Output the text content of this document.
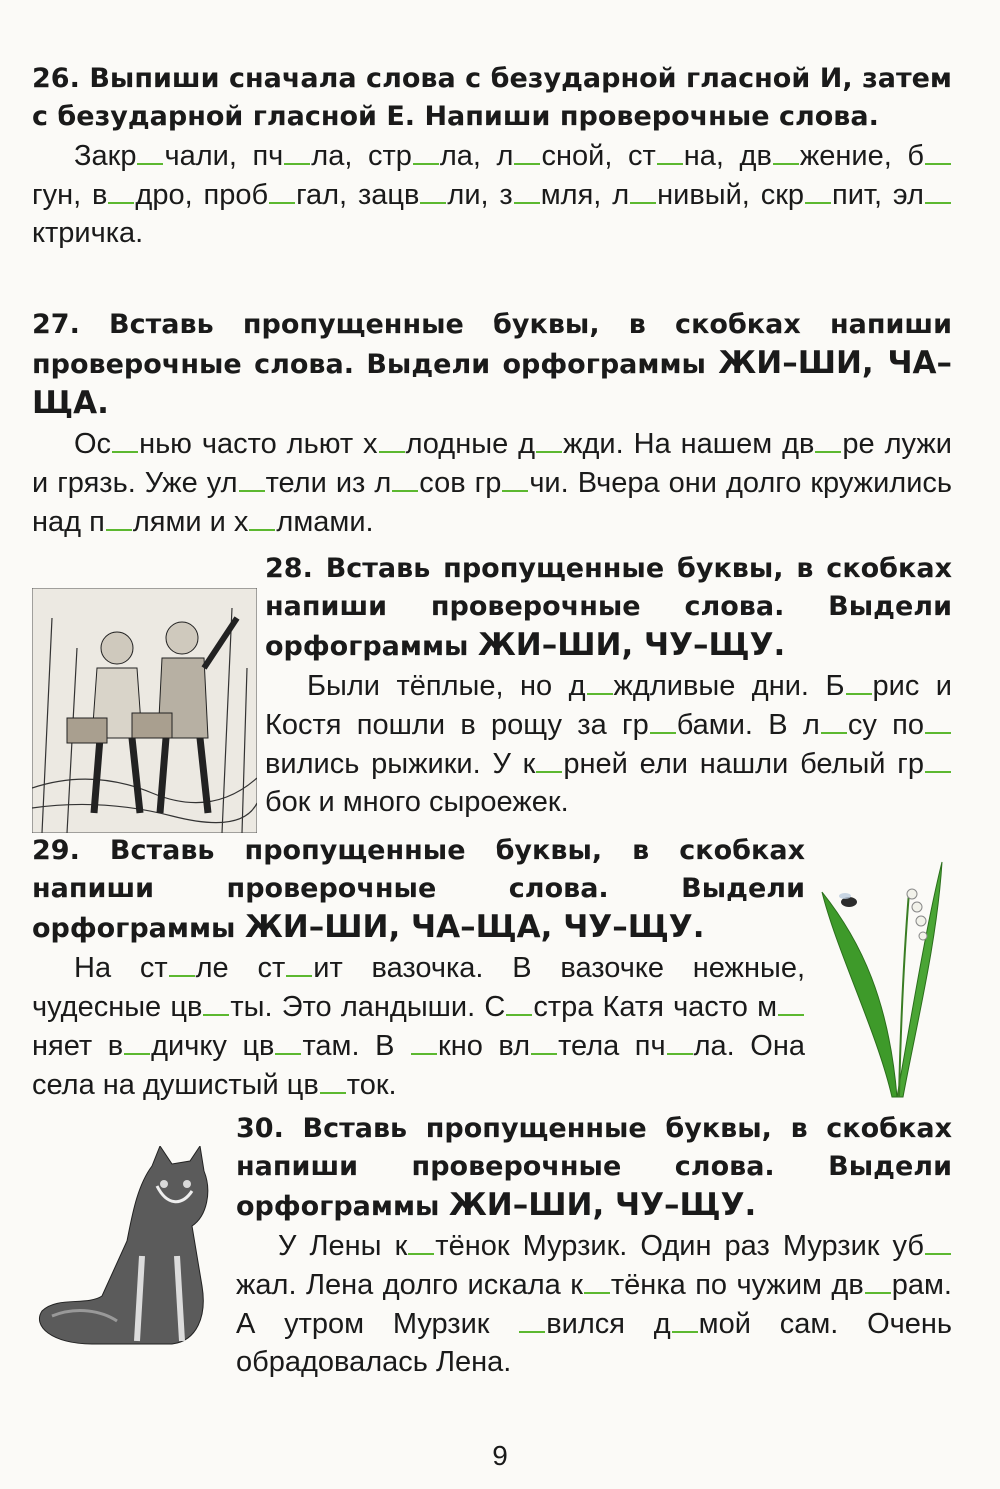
26. Выпиши сначала слова с безударной гласной И, затем с безударной гласной Е. Напиши проверочные слова.
Закр чали, пч ла, стр ла, л сной, ст на, дв жение, бгун, в дро, проб гал, зацв ли, з мля, л нивый, скр пит, элктричка.
27. Вставь пропущенные буквы, в скобках напиши проверочные слова. Выдели орфограммы ЖИ–ШИ, ЧА–ЩА.
Ос нью часто льют х лодные д жди. На нашем дв ре лужи и грязь. Уже ул тели из л сов гр чи. Вчера они долго кружились над п лями и х лмами.
28. Вставь пропущенные буквы, в скобках напиши проверочные слова. Выдели орфограммы ЖИ–ШИ, ЧУ–ЩУ.
Были тёплые, но д ждливые дни. Б рис и Костя пошли в рощу за гр бами. В л су повились рыжики. У к рней ели нашли белый грбок и много сыроежек.
29. Вставь пропущенные буквы, в скобках напиши проверочные слова. Выдели орфограммы ЖИ–ШИ, ЧА–ЩА, ЧУ–ЩУ.
На ст ле ст ит вазочка. В вазочке нежные, чудесные цв ты. Это ландыши. С стра Катя часто мняет в дичку цв там. В кно вл тела пч ла. Она села на душистый цв ток.
30. Вставь пропущенные буквы, в скобках напиши проверочные слова. Выдели орфограммы ЖИ–ШИ, ЧУ–ЩУ.
У Лены к тёнок Мурзик. Один раз Мурзик убжал. Лена долго искала к тёнка по чужим дв рам. А утром Мурзик вился д мой сам. Очень обрадовалась Лена.
9
